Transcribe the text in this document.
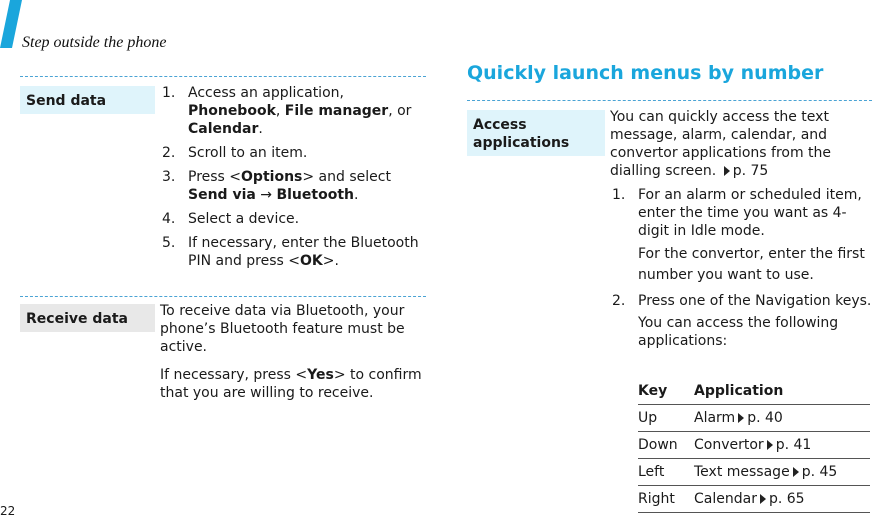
Step outside the phone
Send data	1. Access an application, Phonebook, File manager, or Calendar.
2. Scroll to an item.
3. Press <Options> and select Send via → Bluetooth.
4. Select a device.
5. If necessary, enter the Bluetooth PIN and press <OK>.
Receive data	To receive data via Bluetooth, your phone’s Bluetooth feature must be active.
If necessary, press <Yes> to confirm that you are willing to receive.
22
Quickly launch menus by number
Access applications
You can quickly access the text message, alarm, calendar, and convertor applications from the dialling screen. p. 75
1. For an alarm or scheduled item, enter the time you want as 4-digit in Idle mode.
For the convertor, enter the first number you want to use.
2. Press one of the Navigation keys.
You can access the following applications:
Key	Application
Up	Alarm p. 40
Down	Convertor p. 41
Left	Text message p. 45
Right	Calendar p. 65
